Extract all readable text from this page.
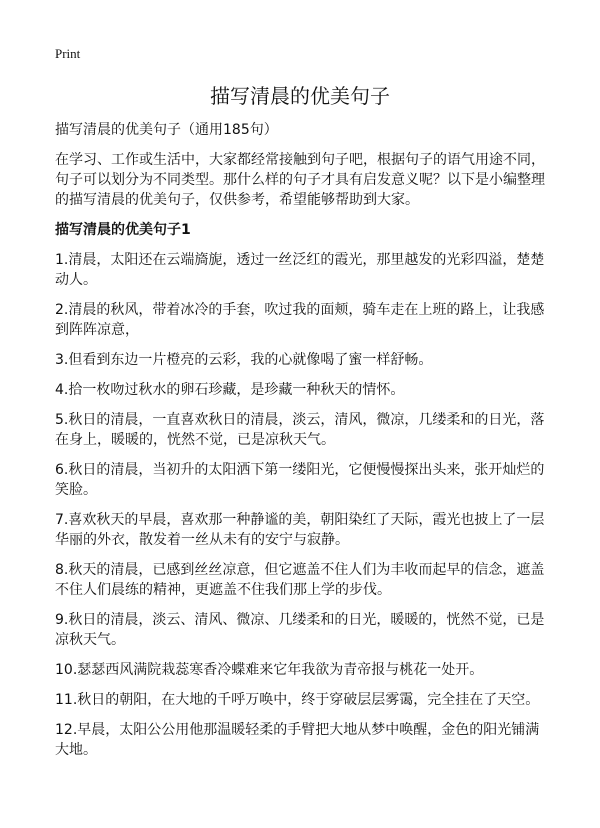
Print
描写清晨的优美句子

描写清晨的优美句子（通用185句）

在学习、工作或生活中，大家都经常接触到句子吧，根据句子的语气用途不同，句子可以划分为不同类型。那什么样的句子才具有启发意义呢？以下是小编整理的描写清晨的优美句子，仅供参考，希望能够帮助到大家。

描写清晨的优美句子1

1.清晨，太阳还在云端旖旎，透过一丝泛红的霞光，那里越发的光彩四溢，楚楚动人。

2.清晨的秋风，带着冰冷的手套，吹过我的面颊，骑车走在上班的路上，让我感到阵阵凉意，

3.但看到东边一片橙亮的云彩，我的心就像喝了蜜一样舒畅。

4.拾一枚吻过秋水的卵石珍藏，是珍藏一种秋天的情怀。

5.秋日的清晨，一直喜欢秋日的清晨，淡云，清风，微凉，几缕柔和的日光，落在身上，暖暖的，恍然不觉，已是凉秋天气。

6.秋日的清晨，当初升的太阳洒下第一缕阳光，它便慢慢探出头来，张开灿烂的笑脸。

7.喜欢秋天的早晨，喜欢那一种静谧的美，朝阳染红了天际，霞光也披上了一层华丽的外衣，散发着一丝从未有的安宁与寂静。

8.秋天的清晨，已感到丝丝凉意，但它遮盖不住人们为丰收而起早的信念，遮盖不住人们晨练的精神，更遮盖不住我们那上学的步伐。

9.秋日的清晨，淡云、清风、微凉、几缕柔和的日光，暖暖的，恍然不觉，已是凉秋天气。

10.瑟瑟西风满院栽蕊寒香冷蝶难来它年我欲为青帝报与桃花一处开。

11.秋日的朝阳，在大地的千呼万唤中，终于穿破层层雾霭，完全挂在了天空。

12.早晨，太阳公公用他那温暖轻柔的手臂把大地从梦中唤醒，金色的阳光铺满大地。
